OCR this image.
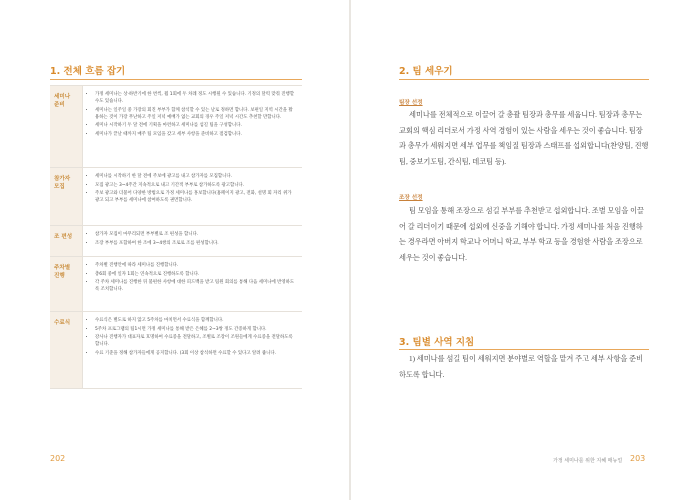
1. 전체 흐름 잡기
세미나
준비
• 가정 세미나는 상·하반기에 한 번씩, 월 1회에 두 차례 정도 시행될 수 있습니다. 기정의 달력 맞춰 진행할 수도 있습니다.
• 세미나는 일주일 중 가장의 회진 부부가 함께 참석할 수 있는 날로 정하면 합니다. 보편일 지역 시간을 활용하는 것이 가장 무난하고 주일 저녁 예배가 없는 교회의 경우 주일 저녁 시간도 추천할 만합니다.
• 세미나 시작하기 두 달 전에 기획을 마련하고 세미나를 섬길 팀을 구성합니다.
• 세미나가 끝날 때까지 매주 팀 모임을 갖고 세부 사항을 준비하고 점검합니다.
참가자
모집
• 세미나를 시작하기 한 달 전에 주보에 광고를 내고 참가자를 모집합니다.
• 모집 광고는 3~4주간 지속적으로 내고 기간적 부부로 참가하도록 광고합니다.
• 주보 광고와 더불어 다양한 방법으로 가정 세미나를 홍보합니다(홈페이지 광고, 전화, 설명 회 자리 위가 광고 되고 부부를 세미나에 참여하도록 권면합니다.
조 편성	• 참가자 모집이 마무리되면 부부별로 조 편성을 합니다.
• 조장 부부를 포함하여 한 조에 3~4쌍의 조로로 조를 편성합니다.
주차별
진행
• 주차별 진행안에 따라 세미나를 진행합니다.
• 총6회 중에 일자 1회는 연속적으로 진행하도록 합니다.
• 각 주차 세미나를 진행한 뒤 불편한 사항에 대한 피드백을 받고 팀원 회의를 통해 다음 세미나에 반영하도록 조치합니다.
수료식	• 수료식은 별도로 하지 않고 5주차를 마치면서 수료식을 함께합니다.
• 5주차 프로그램의 팀1시면 가정 세미나를 통해 받은 은혜를 2~3쌍 정도 간증하게 합니다.
• 강사나 진행자가 대표자로 호명하여 수료증을 전달하고, 조별로 조장이 조원들에게 수료증을 전달하도록 합니다.
• 수료 기준을 정해 참가자들에게 공지합니다. (3회 이상 참석하면 수료할 수 있다고 알려 줍니다.
202
2. 팀 세우기
팀장 선정
세미나를 전체적으로 이끌어 갈 총괄 팀장과 총무를 세웁니다. 팀장과 총무는 교회의 핵심 리더로서 가정 사역 경험이 있는 사람을 세우는 것이 좋습니다. 팀장과 총무가 세워지면 세부 업무를 책임질 팀장과 스태프를 섭외합니다(찬양팀, 진행팀, 중보기도팀, 간식팀, 데코팀 등).
조장 선정
팀 모임을 통해 조장으로 섬길 부부를 추천받고 섭외합니다. 조별 모임을 이끌어 갈 리더이기 때문에 섭외에 신중을 기해야 합니다. 가정 세미나를 처음 진행하는 경우라면 아버지 학교나 어머니 학교, 부부 학교 등을 경험한 사람을 조장으로 세우는 것이 좋습니다.
3. 팀별 사역 지침
1) 세미나를 섬길 팀이 세워지면 분야별로 역할을 맡겨 주고 세부 사항을 준비하도록 합니다.
가정 세미나를 위한 지혜 매뉴얼 203
